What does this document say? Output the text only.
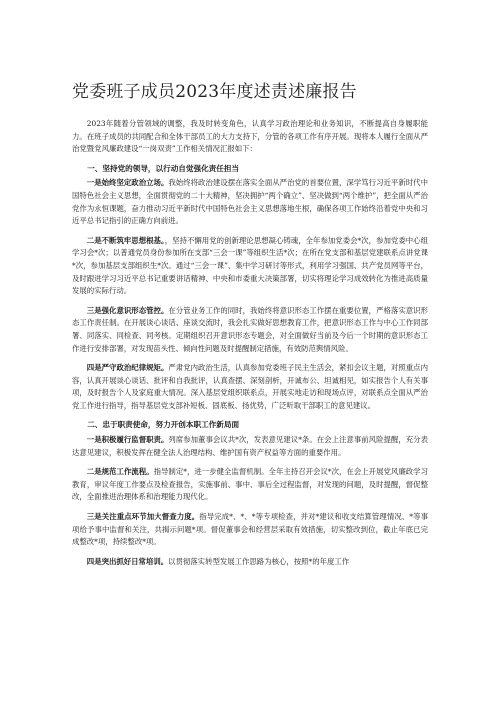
党委班子成员2023年度述责述廉报告

2023年随着分管领域的调整，我及时转变角色，认真学习政治理论和业务知识，不断提高自身履职能力。在班子成员的共同配合和全体干部员工的大力支持下，分管的各项工作有序开展。现将本人履行全面从严治党暨党风廉政建设“一岗双责”工作相关情况汇报如下：

一、坚持党的领导，以行动自觉强化责任担当

一是始终坚定政治立场。我始终将政治建设摆在落实全面从严治党的首要位置，深学笃行习近平新时代中国特色社会主义思想，全面贯彻党的二十大精神，坚决拥护“两个确立”、坚决做到“两个维护”，把全面从严治党作为永恒课题，奋力推动习近平新时代中国特色社会主义思想落地生根，确保各项工作始终沿着党中央和习近平总书记指引的正确方向前进。

二是不断筑牢思想根基。，坚持不懈用党的创新理论思想凝心铸魂，全年参加党委会*次，参加党委中心组学习会*次；以普通党员身份参加所在支部“三会一课”等组织生活*次；在所在党支部和基层党建联系点讲党课*次，参加基层支部组织生*次。通过“三会一课”、集中学习研讨等形式，利用学习强国、共产党员网等平台，及时跟进学习习近平总书记重要讲话精神、中央和市委重大决策部署，切实将理论学习成效转化为推进高质量发展的实际行动。

三是强化意识形态管控。在分管业务工作的同时，我始终将意识形态工作摆在重要位置，严格落实意识形态工作责任制。在开展谈心谈话、座谈交流时，我会扎实做好思想教育工作，把意识形态工作与中心工作同部署、同落实、同检查、同考核。定期组织召开意识形态专题会，对全面做好当前及今后一个时期的意识形态工作进行安排部署，对发现苗头性、倾向性问题及时提醒制定措施，有效防范舆情风险。

四是严守政治纪律规矩。严肃党内政治生活，认真参加党委班子民主生活会，紧扣会议主题，对照重点内容，认真开展谈心谈话、批评和自我批评，认真查摆、深刻剖析，开诚布公、坦诚相见，如实报告个人有关事项，及时报告个人及家庭重大情况。深入基层党组织联系点，开展实地走访和现场点评，对联系点全面从严治党工作进行指导，指导基层党支部补短板、固底板、扬优势，广泛听取干部职工的意见建议。

二、忠于职责使命，努力开创本职工作新局面

一是积极履行监督职责。列席参加董事会议共*次，发表意见建议*条。在会上注意事前风险提醒，充分表达意见建议，积极发挥在健全法人治理结构、维护国有资产权益等方面的重要作用。

二是规范工作流程。指导制定*，进一步健全监督机制。全年主持召开会议*次，在会上开展党风廉政学习教育，审议年度工作要点及检查报告，实施事前、事中、事后全过程监督，对发现的问题，及时提醒，督促整改，全面推进治理体系和治理能力现代化。

三是关注重点环节加大督查力度。指导完成*、*、*等专项检查，并对*建议和收支结算管理情况、*等事项给予事中监督和关注，共揭示问题*项。督促董事会和经营层采取有效措施，切实整改到位，截止年底已完成整改*项，持续整改*项。

四是突出抓好日常培训。以贯彻落实转型发展工作思路为核心，按照*的年度工作
